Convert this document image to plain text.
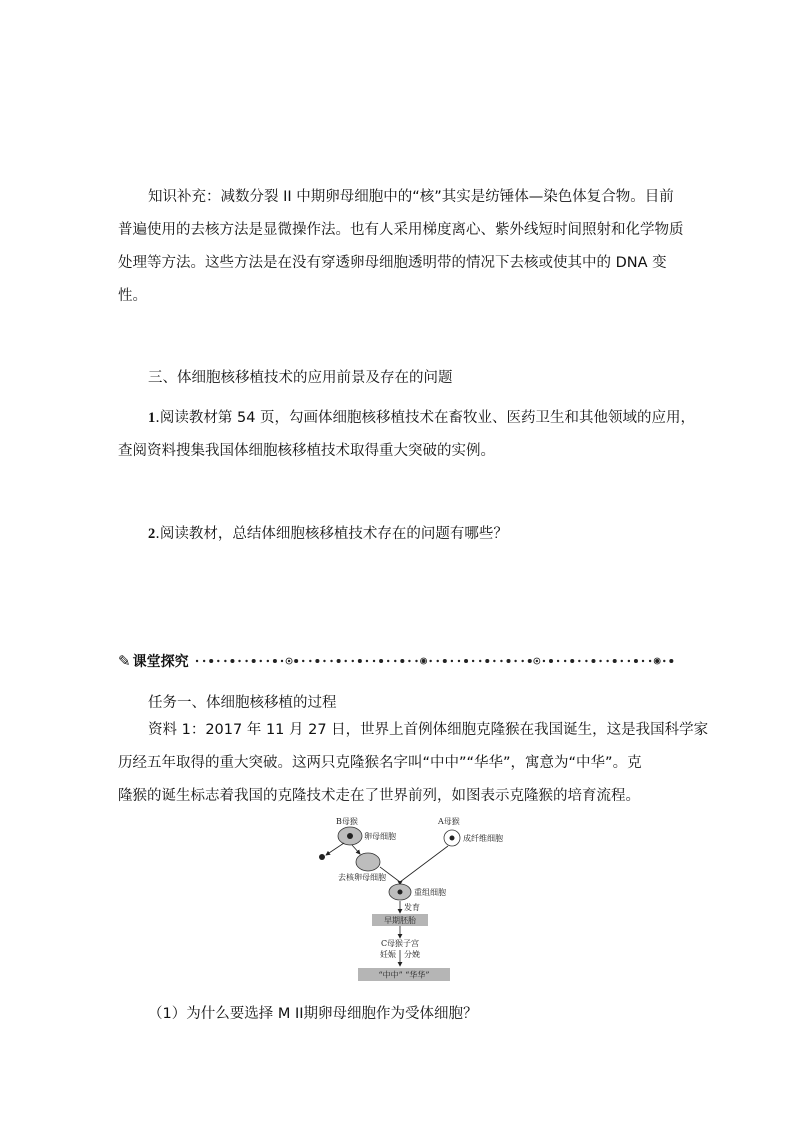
知识补充：减数分裂 II 中期卵母细胞中的“核”其实是纺锤体—染色体复合物。目前
普遍使用的去核方法是显微操作法。也有人采用梯度离心、紫外线短时间照射和化学物质
处理等方法。这些方法是在没有穿透卵母细胞透明带的情况下去核或使其中的 DNA 变
性。
三、体细胞核移植技术的应用前景及存在的问题
1.阅读教材第 54 页，勾画体细胞核移植技术在畜牧业、医药卫生和其他领域的应用，
查阅资料搜集我国体细胞核移植技术取得重大突破的实例。
2.阅读教材，总结体细胞核移植技术存在的问题有哪些？
✎ 课堂探究
任务一、体细胞核移植的过程
资料 1：2017 年 11 月 27 日，世界上首例体细胞克隆猴在我国诞生，这是我国科学家
历经五年取得的重大突破。这两只克隆猴名字叫“中中”“华华”，寓意为“中华”。克
隆猴的诞生标志着我国的克隆技术走在了世界前列，如图表示克隆猴的培育流程。
B母猴
卵母细胞
去核卵母细胞
A母猴
成纤维细胞
重组细胞
发育
早期胚胎
C母猴子宫
妊娠 分娩
“中中” “华华”
（1）为什么要选择 M II期卵母细胞作为受体细胞？
